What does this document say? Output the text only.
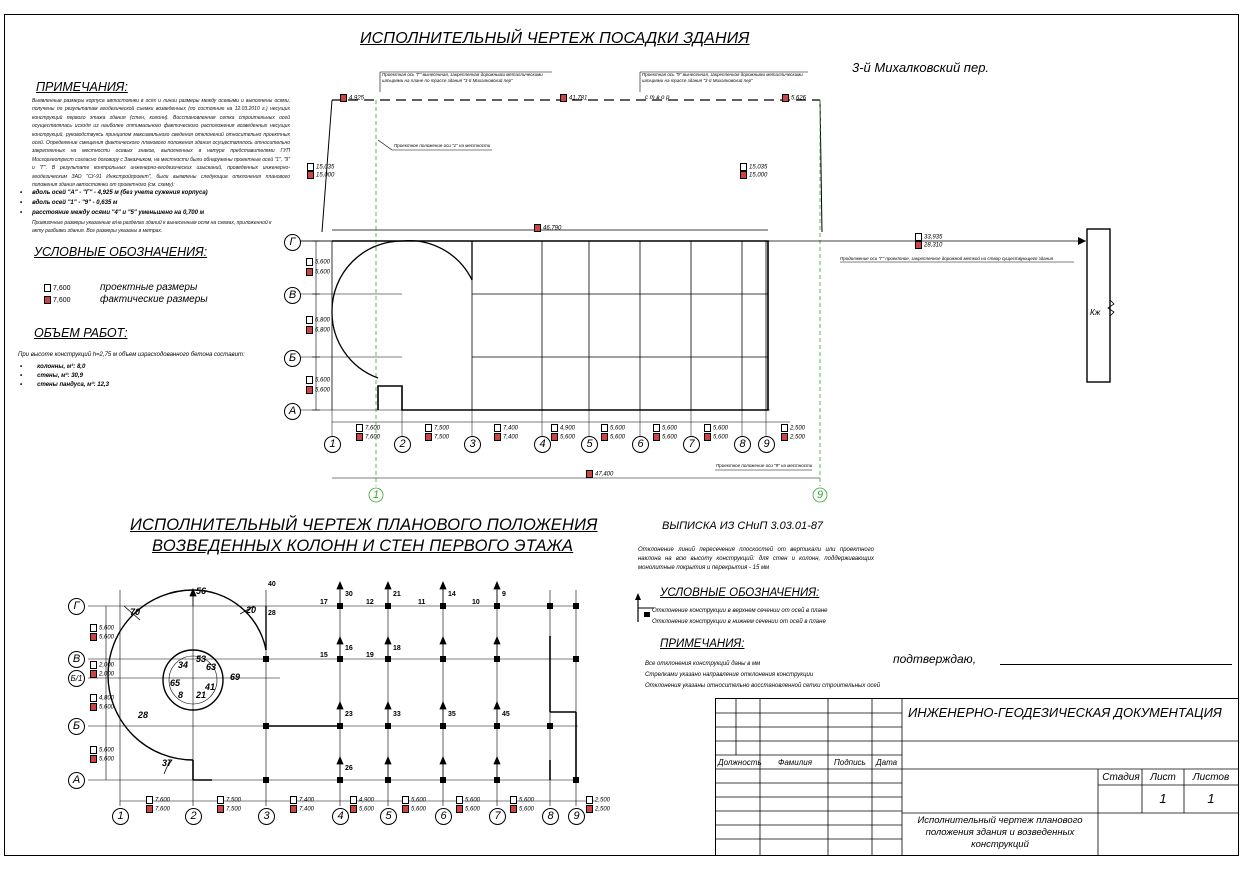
ИСПОЛНИТЕЛЬНЫЙ ЧЕРТЕЖ ПОСАДКИ ЗДАНИЯ
3-й Михалковский пер.
ИСПОЛНИТЕЛЬНЫЙ ЧЕРТЕЖ ПЛАНОВОГО ПОЛОЖЕНИЯ
ВОЗВЕДЕННЫХ КОЛОНН И СТЕН ПЕРВОГО ЭТАЖА
ПРИМЕЧАНИЯ:
Выявленные размеры корпуса автостоянки в осях и линии размеры между осевыми и выполнены осями, получены по результатам геодезической съемки возведенных (по состоянию на 12.03.2010 г.) несущих конструкций первого этажа здания (стен, колонн). Восстановленная сетка строительных осей осуществлялась исходя из наиболее оптимального фактического расположения возведенных несущих конструкций, руководствуясь принципом максимального сведения отклонений относительно проектных осей. Определение смещения фактического планового положения здания осуществлялось относительно закрепленных на местности осевых знаков, выполненных в натуре представителями ГУП Мосгоргеотрест согласно договору с Заказчиком, на местности были обнаружены проектные осей "1", "9" и "Г". В результате контрольных инженерно-геодезических изысканий, проведенных инженерно-геодезическим ЗАО "СУ-91 Инжстройпроект", были выявлены следующие отклонения планового положения здания автостоянки от проектного (см. схему):
•      вдоль осей "А" - "Г" - 4,925 м (без учета сужения корпуса)
•      вдоль осей "1" - "9" - 0,635 м
•      расстояние между осями "4" и "5" уменьшено на 0,700 м
Привязочные размеры указанные в/на разделах зданий к вынесенным осям на схемах, приложенной к акту разбивки здания. Все размеры указаны в метрах.
УСЛОВНЫЕ ОБОЗНАЧЕНИЯ:
7,600	проектные размеры
7,600	фактические размеры
ОБЪЕМ РАБОТ:
При высоте конструкций h=2,75 м объем израсходованного бетона составит:
•         колонны, м³: 8,0
•         стены, м³: 30,9
•         стены пандуса, м³: 12,3
Кж
Г
В
Б
А
1	2	3	4	5	6	7	8	9
1	9
4,925	41,781	5,626
15,035
15,000
15,035
15,000
46,790
47,400
33,935
28,310
5,600
5,600
6,800
6,800
5,600
5,600
7,600
7,600
7,500
7,500
7,400
7,400
4,900
5,600
5,600
5,600
5,600
5,600
5,600
5,600
2,500
2,500
Проектная ось "Г" вынесенная, закрепленная дорожными металлическими штырями на плане по трассе здания "3-й Михалковский пер"
Проектная ось "9" вынесенная, закрепленная дорожными металлическими штырями на трассе здания "3-й Михалковский пер"
с т в о р
Проектное положение оси "1" на местности
Проектное положение оси "9" на местности
Продолжение оси "Г" проектное, закрепленное дорожной меткой на створ существующего здания
56
70	20
34
53
63
65	41
69
21
8
28
37
40
17
30
12
21
11
14
10
9
28
15
16
19
18
23	33	35	45
26
Г
В
Б/1
Б
А
1	2	3	4	5	6	7	8	9
5,600
5,600
2,000
2,000
4,800
5,600
5,600
5,600
7,600
7,600
7,500
7,500
7,400
7,400
4,900
5,600
5,600
5,600
5,600
5,600
5,600
5,600
2,500
2,500
ВЫПИСКА ИЗ СНиП 3.03.01-87
Отклонение линий пересечения плоскостей от вертикали или проектного наклона на всю высоту конструкций: для стен и колонн, поддерживающих монолитные покрытия и перекрытия - 15 мм
УСЛОВНЫЕ ОБОЗНАЧЕНИЯ:
Отклонение конструкции в верхнем сечении от осей в плане
Отклонение конструкции в нижнем сечении от осей в плане
ПРИМЕЧАНИЯ:
Все отклонения конструкций даны в мм
Стрелками указано направление отклонения конструкции
Отклонения указаны относительно восстановленной сетки строительных осей
подтверждаю,
ИНЖЕНЕРНО-ГЕОДЕЗИЧЕСКАЯ ДОКУМЕНТАЦИЯ
Должность Фамилия	Подпись Дата
Стадия	Лист	Листов
1	1
Исполнительный чертеж планового положения здания и возведенных конструкций
